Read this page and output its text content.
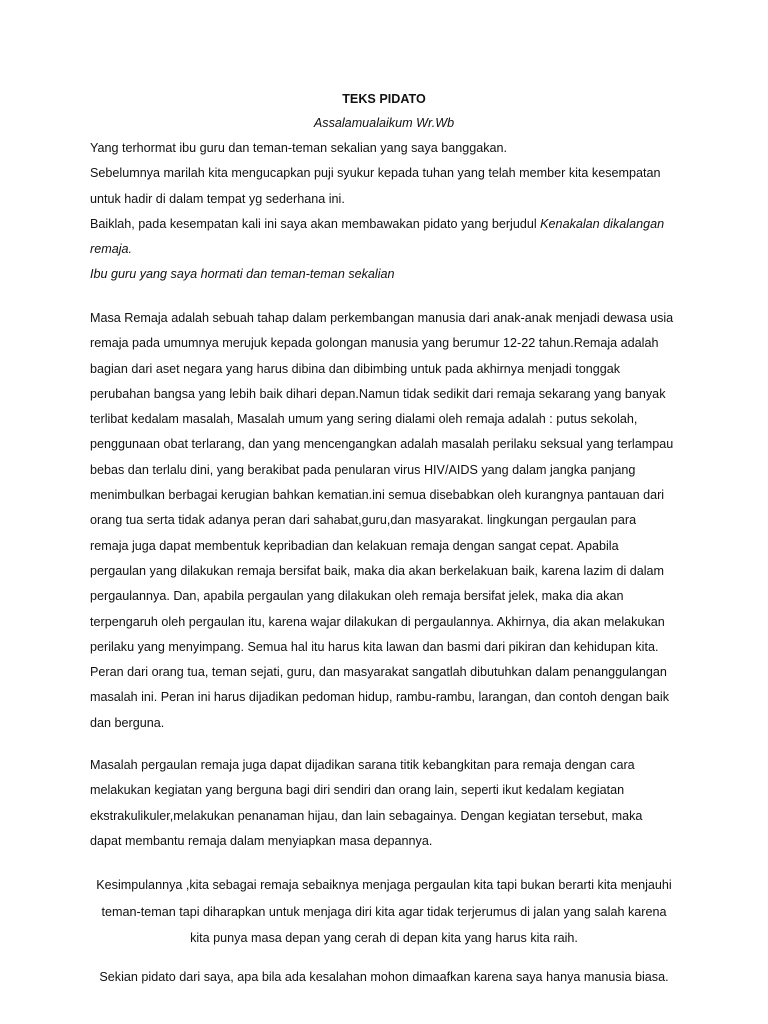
TEKS PIDATO
Assalamualaikum Wr.Wb

Yang terhormat ibu guru dan teman-teman sekalian yang saya banggakan.

Sebelumnya marilah kita mengucapkan puji syukur kepada tuhan yang telah member kita kesempatan
untuk hadir di dalam tempat yg sederhana ini.

Baiklah, pada kesempatan kali ini saya akan membawakan pidato yang berjudul Kenakalan dikalangan
remaja.

Ibu guru yang saya hormati dan teman-teman sekalian

Masa Remaja adalah sebuah tahap dalam perkembangan manusia dari anak-anak menjadi dewasa usia
remaja pada umumnya merujuk kepada golongan manusia yang berumur 12-22 tahun.Remaja adalah
bagian dari aset negara yang harus dibina dan dibimbing untuk pada akhirnya menjadi tonggak
perubahan bangsa yang lebih baik dihari depan.Namun tidak sedikit dari remaja sekarang yang banyak
terlibat kedalam masalah, Masalah umum yang sering dialami oleh remaja adalah : putus sekolah,
penggunaan obat terlarang, dan yang mencengangkan adalah masalah perilaku seksual yang terlampau
bebas dan terlalu dini, yang berakibat pada penularan virus HIV/AIDS yang dalam jangka panjang
menimbulkan berbagai kerugian bahkan kematian.ini semua disebabkan oleh kurangnya pantauan dari
orang tua serta tidak adanya peran dari sahabat,guru,dan masyarakat. lingkungan pergaulan para
remaja juga dapat membentuk kepribadian dan kelakuan remaja dengan sangat cepat. Apabila
pergaulan yang dilakukan remaja bersifat baik, maka dia akan berkelakuan baik, karena lazim di dalam
pergaulannya. Dan, apabila pergaulan yang dilakukan oleh remaja bersifat jelek, maka dia akan
terpengaruh oleh pergaulan itu, karena wajar dilakukan di pergaulannya. Akhirnya, dia akan melakukan
perilaku yang menyimpang. Semua hal itu harus kita lawan dan basmi dari pikiran dan kehidupan kita.
Peran dari orang tua, teman sejati, guru, dan masyarakat sangatlah dibutuhkan dalam penanggulangan
masalah ini. Peran ini harus dijadikan pedoman hidup, rambu-rambu, larangan, dan contoh dengan baik
dan berguna.
Masalah pergaulan remaja juga dapat dijadikan sarana titik kebangkitan para remaja dengan cara
melakukan kegiatan yang berguna bagi diri sendiri dan orang lain, seperti ikut kedalam kegiatan
ekstrakulikuler,melakukan penanaman hijau, dan lain sebagainya. Dengan kegiatan tersebut, maka
dapat membantu remaja dalam menyiapkan masa depannya.
Kesimpulannya ,kita sebagai remaja sebaiknya menjaga pergaulan kita tapi bukan berarti kita menjauhi
teman-teman tapi diharapkan untuk menjaga diri kita agar tidak terjerumus di jalan yang salah karena
kita punya masa depan yang cerah di depan kita yang harus kita raih.
Sekian pidato dari saya, apa bila ada kesalahan mohon dimaafkan karena saya hanya manusia biasa.
